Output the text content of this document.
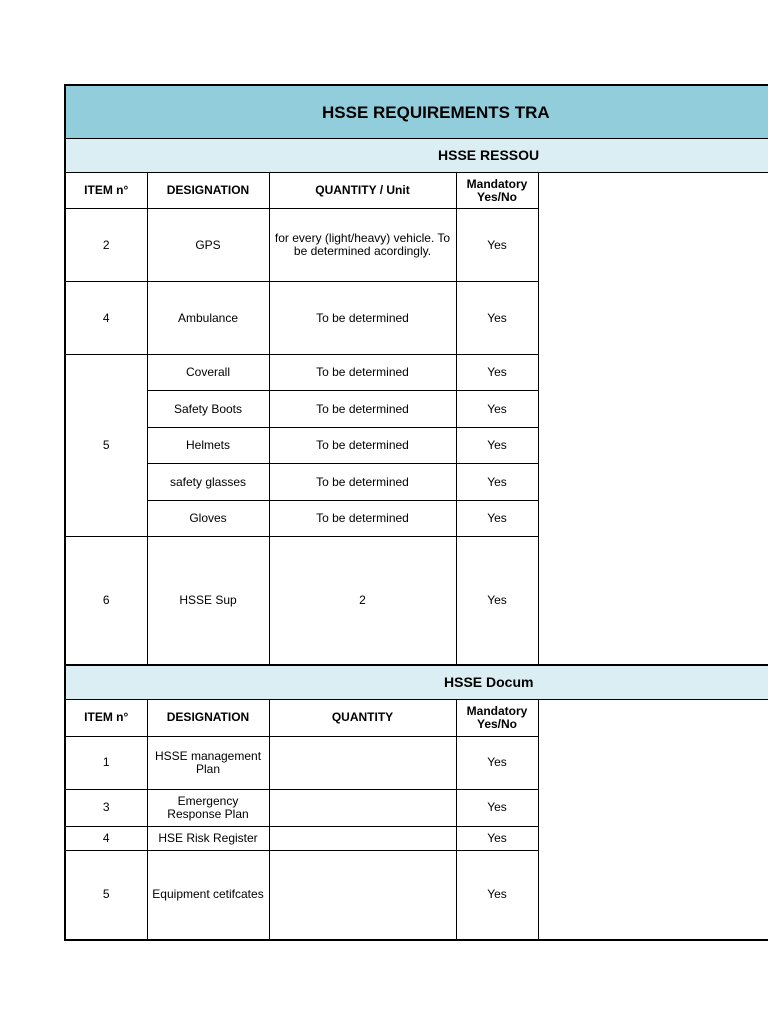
HSSE REQUIREMENTS TRA				
HSSE RESSOU				
ITEM n°	DESIGNATION	QUANTITY / Unit	Mandatory Yes/No	
2	GPS	for every (light/heavy) vehicle. To be determined acordingly.	Yes	
4	Ambulance	To be determined	Yes	
5	Coverall	To be determined	Yes	
	Safety Boots	To be determined	Yes	
	Helmets	To be determined	Yes	
	safety glasses	To be determined	Yes	
	Gloves	To be determined	Yes	
6	HSSE Sup	2	Yes	
HSSE Docum				
ITEM n°	DESIGNATION	QUANTITY	Mandatory Yes/No	
1	HSSE management Plan		Yes	
3	Emergency Response Plan		Yes	
4	HSE Risk Register		Yes	
5	Equipment cetifcates		Yes	
